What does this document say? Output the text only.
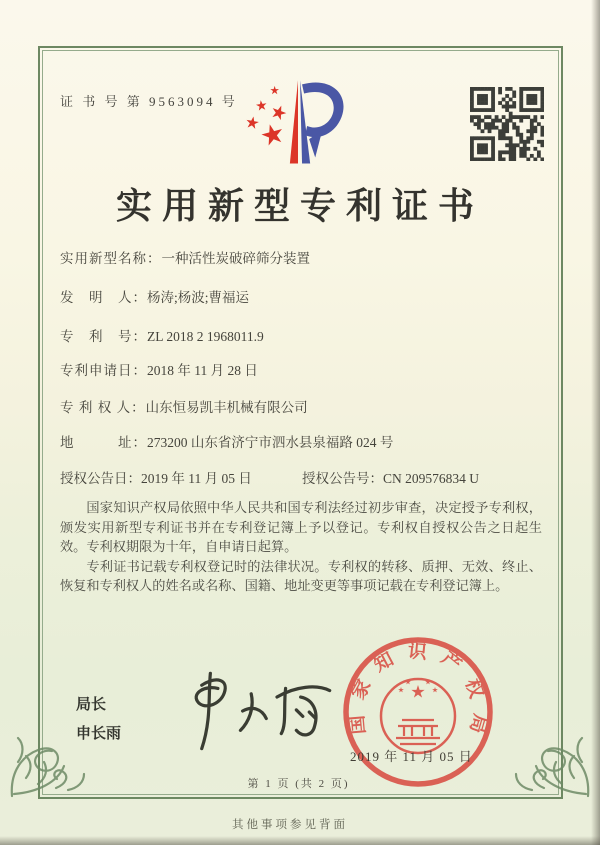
证 书 号 第 9563094 号
实用新型专利证书
实用新型名称：一种活性炭破碎筛分装置
发　明　人：杨涛;杨波;曹福运
专　利　号：ZL 2018 2 1968011.9
专利申请日：2018 年 11 月 28 日
专 利 权 人：山东恒易凯丰机械有限公司
地　　　址：273200 山东省济宁市泗水县泉福路 024 号
授权公告日：2019 年 11 月 05 日	授权公告号：CN 209576834 U

国家知识产权局依照中华人民共和国专利法经过初步审查，决定授予专利权，颁发实用新型专利证书并在专利登记簿上予以登记。专利权自授权公告之日起生效。专利权期限为十年，自申请日起算。

专利证书记载专利权登记时的法律状况。专利权的转移、质押、无效、终止、恢复和专利权人的姓名或名称、国籍、地址变更等事项记载在专利登记簿上。

局长
申长雨	国家知识产权局
2019 年 11 月 05 日
第 1 页 (共 2 页)
其他事项参见背面
